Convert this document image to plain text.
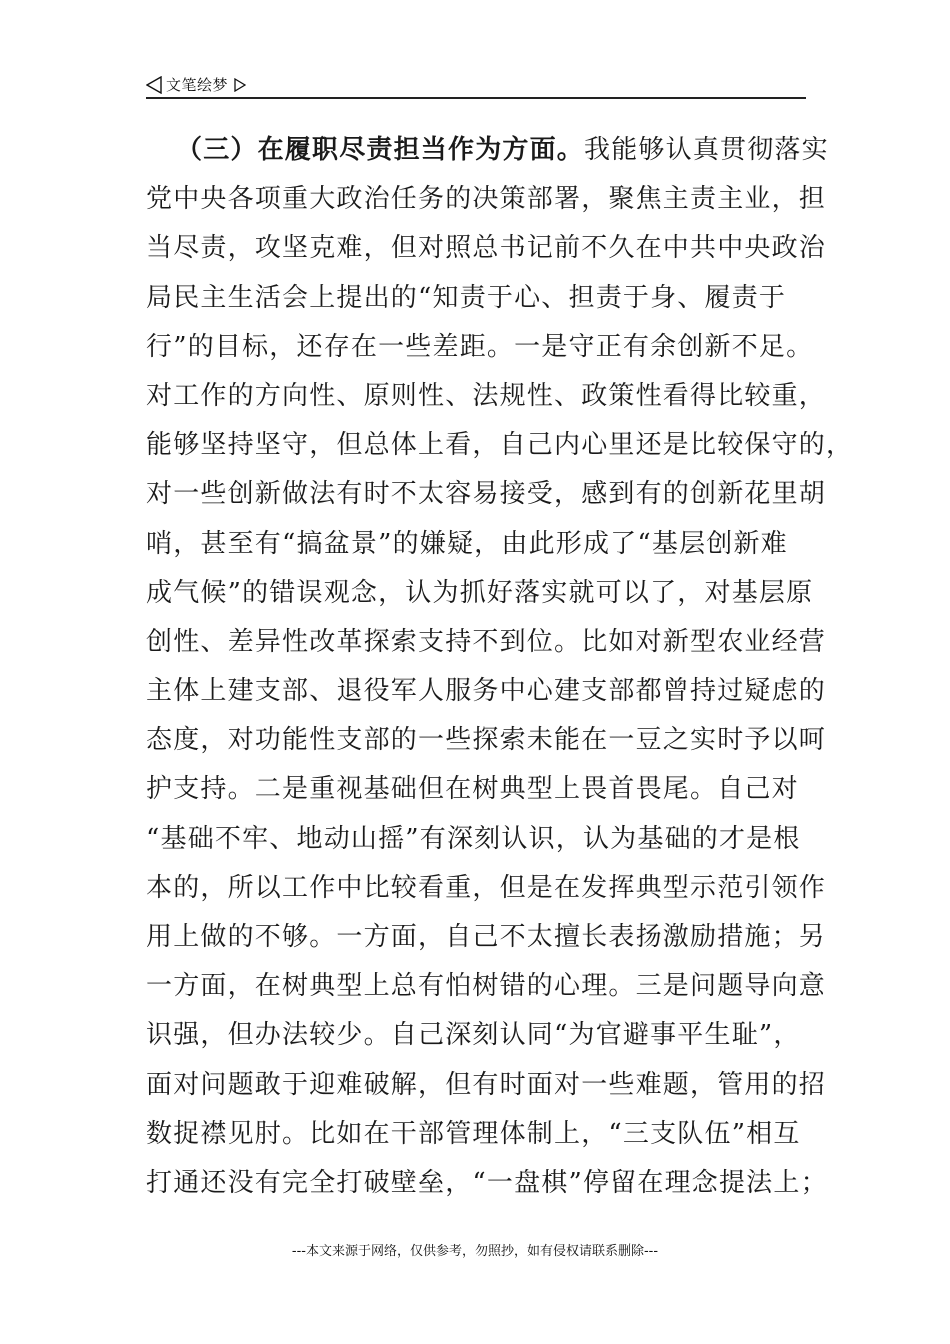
文笔绘梦
（三）在履职尽责担当作为方面。我能够认真贯彻落实
党中央各项重大政治任务的决策部署，聚焦主责主业，担
当尽责，攻坚克难，但对照总书记前不久在中共中央政治
局民主生活会上提出的“知责于心、担责于身、履责于
行”的目标，还存在一些差距。一是守正有余创新不足。
对工作的方向性、原则性、法规性、政策性看得比较重，
能够坚持坚守，但总体上看，自己内心里还是比较保守的，
对一些创新做法有时不太容易接受，感到有的创新花里胡
哨，甚至有“搞盆景”的嫌疑，由此形成了“基层创新难
成气候”的错误观念，认为抓好落实就可以了，对基层原
创性、差异性改革探索支持不到位。比如对新型农业经营
主体上建支部、退役军人服务中心建支部都曾持过疑虑的
态度，对功能性支部的一些探索未能在一豆之实时予以呵
护支持。二是重视基础但在树典型上畏首畏尾。自己对
“基础不牢、地动山摇”有深刻认识，认为基础的才是根
本的，所以工作中比较看重，但是在发挥典型示范引领作
用上做的不够。一方面，自己不太擅长表扬激励措施；另
一方面，在树典型上总有怕树错的心理。三是问题导向意
识强，但办法较少。自己深刻认同“为官避事平生耻”，
面对问题敢于迎难破解，但有时面对一些难题，管用的招
数捉襟见肘。比如在干部管理体制上，“三支队伍”相互
打通还没有完全打破壁垒，“一盘棋”停留在理念提法上；
---本文来源于网络，仅供参考，勿照抄，如有侵权请联系删除---
